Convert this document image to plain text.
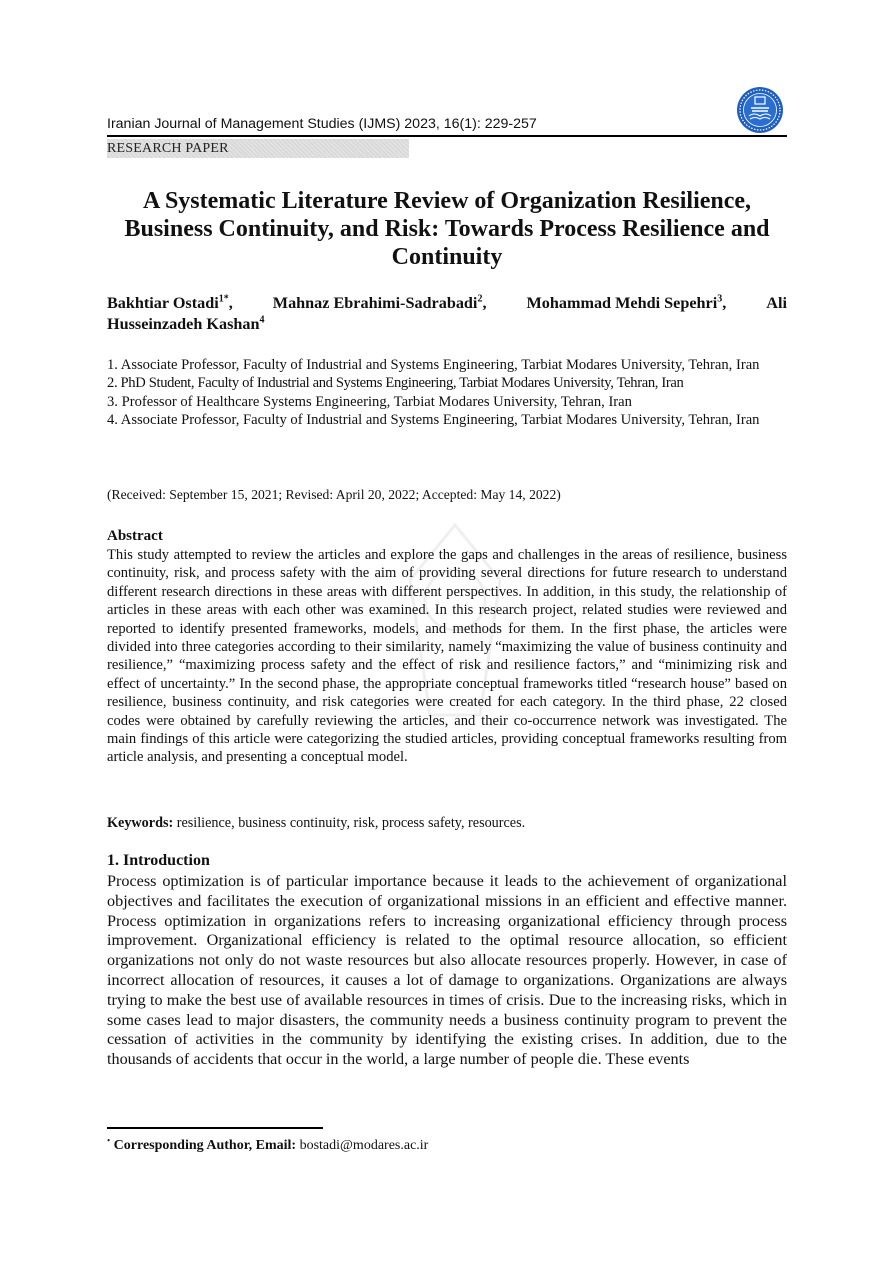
Iranian Journal of Management Studies (IJMS) 2023, 16(1): 229-257
RESEARCH PAPER
A Systematic Literature Review of Organization Resilience, Business Continuity, and Risk: Towards Process Resilience and Continuity
Bakhtiar Ostadi$^{1*}$, Mahnaz Ebrahimi-Sadrabadi$^2$, Mohammad Mehdi Sepehri$^3$, Ali
Husseinzadeh Kashan$^4$
1. Associate Professor, Faculty of Industrial and Systems Engineering, Tarbiat Modares University, Tehran, Iran
2. PhD Student, Faculty of Industrial and Systems Engineering, Tarbiat Modares University, Tehran, Iran
3. Professor of Healthcare Systems Engineering, Tarbiat Modares University, Tehran, Iran
4. Associate Professor, Faculty of Industrial and Systems Engineering, Tarbiat Modares University, Tehran, Iran
(Received: September 15, 2021; Revised: April 20, 2022; Accepted: May 14, 2022)
Abstract
This study attempted to review the articles and explore the gaps and challenges in the areas of resilience, business continuity, risk, and process safety with the aim of providing several directions for future research to understand different research directions in these areas with different perspectives. In addition, in this study, the relationship of articles in these areas with each other was examined. In this research project, related studies were reviewed and reported to identify presented frameworks, models, and methods for them. In the first phase, the articles were divided into three categories according to their similarity, namely “maximizing the value of business continuity and resilience,” “maximizing process safety and the effect of risk and resilience factors,” and “minimizing risk and effect of uncertainty.” In the second phase, the appropriate conceptual frameworks titled “research house” based on resilience, business continuity, and risk categories were created for each category. In the third phase, 22 closed codes were obtained by carefully reviewing the articles, and their co-occurrence network was investigated. The main findings of this article were categorizing the studied articles, providing conceptual frameworks resulting from article analysis, and presenting a conceptual model.
Keywords: resilience, business continuity, risk, process safety, resources.
1. Introduction
Process optimization is of particular importance because it leads to the achievement of organizational objectives and facilitates the execution of organizational missions in an efficient and effective manner. Process optimization in organizations refers to increasing organizational efficiency through process improvement. Organizational efficiency is related to the optimal resource allocation, so efficient organizations not only do not waste resources but also allocate resources properly. However, in case of incorrect allocation of resources, it causes a lot of damage to organizations. Organizations are always trying to make the best use of available resources in times of crisis. Due to the increasing risks, which in some cases lead to major disasters, the community needs a business continuity program to prevent the cessation of activities in the community by identifying the existing crises. In addition, due to the thousands of accidents that occur in the world, a large number of people die. These events
• Corresponding Author, Email: bostadi@modares.ac.ir
